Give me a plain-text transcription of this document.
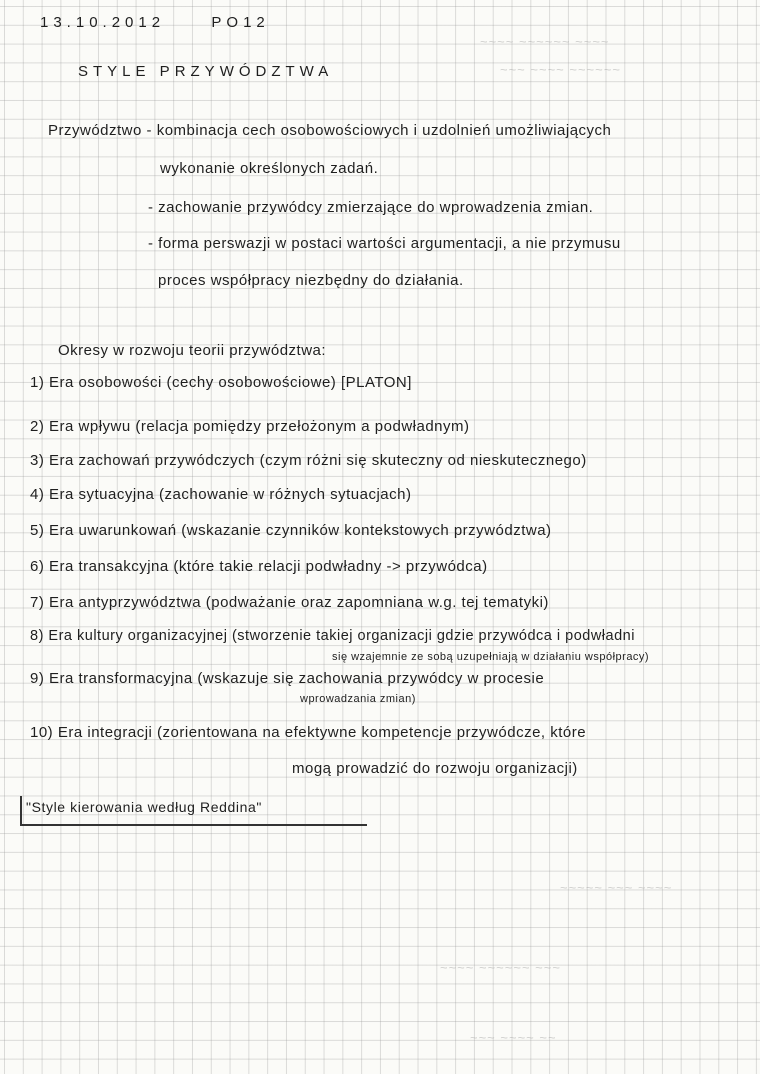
~~~~ ~~~~~~ ~~~~
~~~ ~~~~ ~~~~~~
~~~~~ ~~~ ~~~~
~~~~ ~~~~~~ ~~~
~~~ ~~~~ ~~
13.10.2012	PO12
STYLE PRZYWÓDZTWA
Przywództwo - kombinacja cech osobowościowych i uzdolnień umożliwiających
wykonanie określonych zadań.
- zachowanie przywódcy zmierzające do wprowadzenia zmian.
- forma perswazji w postaci wartości argumentacji, a nie przymusu
proces współpracy niezbędny do działania.
Okresy w rozwoju teorii przywództwa:
1) Era osobowości (cechy osobowościowe) [PLATON]
2) Era wpływu (relacja pomiędzy przełożonym a podwładnym)
3) Era zachowań przywódczych (czym różni się skuteczny od nieskutecznego)
4) Era sytuacyjna (zachowanie w różnych sytuacjach)
5) Era uwarunkowań (wskazanie czynników kontekstowych przywództwa)
6) Era transakcyjna (które takie relacji podwładny -> przywódca)
7) Era antyprzywództwa (podważanie oraz zapomniana w.g. tej tematyki)
8) Era kultury organizacyjnej (stworzenie takiej organizacji gdzie przywódca i podwładni
się wzajemnie ze sobą uzupełniają w działaniu współpracy)
9) Era transformacyjna (wskazuje się zachowania przywódcy w procesie
wprowadzania zmian)
10) Era integracji (zorientowana na efektywne kompetencje przywódcze, które
mogą prowadzić do rozwoju organizacji)
"Style kierowania według Reddina"
